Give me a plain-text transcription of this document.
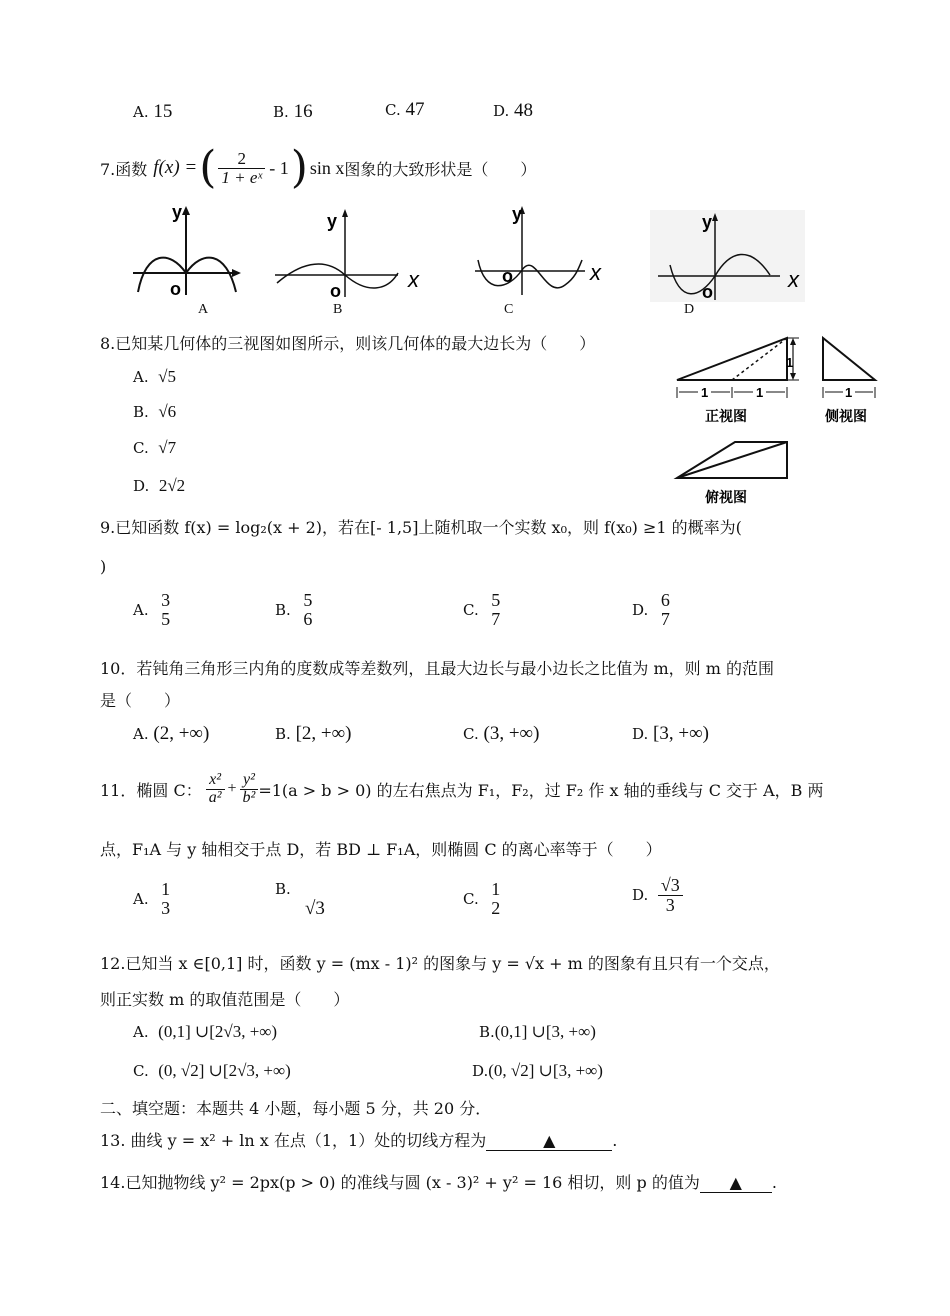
A. 15	B. 16	C. 47	D. 48
7.函数 f(x) = ( $\frac{2}{\text{1 + eˣ}} - 1$ ) sin x 图象的大致形状是（　　）
y
o
y
o	x
y
o	x
y
o	x
A	B	C	D
8.已知某几何体的三视图如图所示，则该几何体的最大边长为（　　）
A. √5
B. √6
C. √7
D. 2√2
1
1	1
正视图
1
侧视图
俯视图
9.已知函数 f(x) = log₂(x + 2)，若在[- 1,5]上随机取一个实数 x₀，则 f(x₀) ≥1 的概率为(
)
A.
3
5	B.
5
6	C.
5
7	D.
6
7
10．若钝角三角形三内角的度数成等差数列，且最大边长与最小边长之比值为 m，则 m 的范围
是（　　）
A. (2, +∞)	B. [2, +∞)	C. (3, +∞)	D. [3, +∞)
11．椭圆 C： $\frac{\text{x²}}{\text{a²}} + \frac{\text{y²}}{\text{b²}} =1(a > b > 0)$ 的左右焦点为 F₁，F₂，过 F₂ 作 x 轴的垂线与 C 交于 A，B 两
点，F₁A 与 y 轴相交于点 D，若 BD ⊥ F₁A，则椭圆 C 的离心率等于（　　）
A.
1
3
B.
√3	C.
1
2
D.
$\frac{√3}{3}$
12.已知当 x ∈[0,1] 时，函数 y = (mx - 1)² 的图象与 y = √x + m 的图象有且只有一个交点，
则正实数 m 的取值范围是（　　）
A. (0,1] ∪[2√3, +∞)	B.(0,1] ∪[3, +∞)
C. (0, √2] ∪[2√3, +∞)	D.(0, √2] ∪[3, +∞)
二、填空题：本题共 4 小题，每小题 5 分，共 20 分．
13. 曲线 y = x² + ln x 在点（1，1）处的切线方程为	▲	.
14.已知抛物线 y² = 2px(p > 0) 的准线与圆 (x - 3)² + y² = 16 相切，则 p 的值为 ▲ .
